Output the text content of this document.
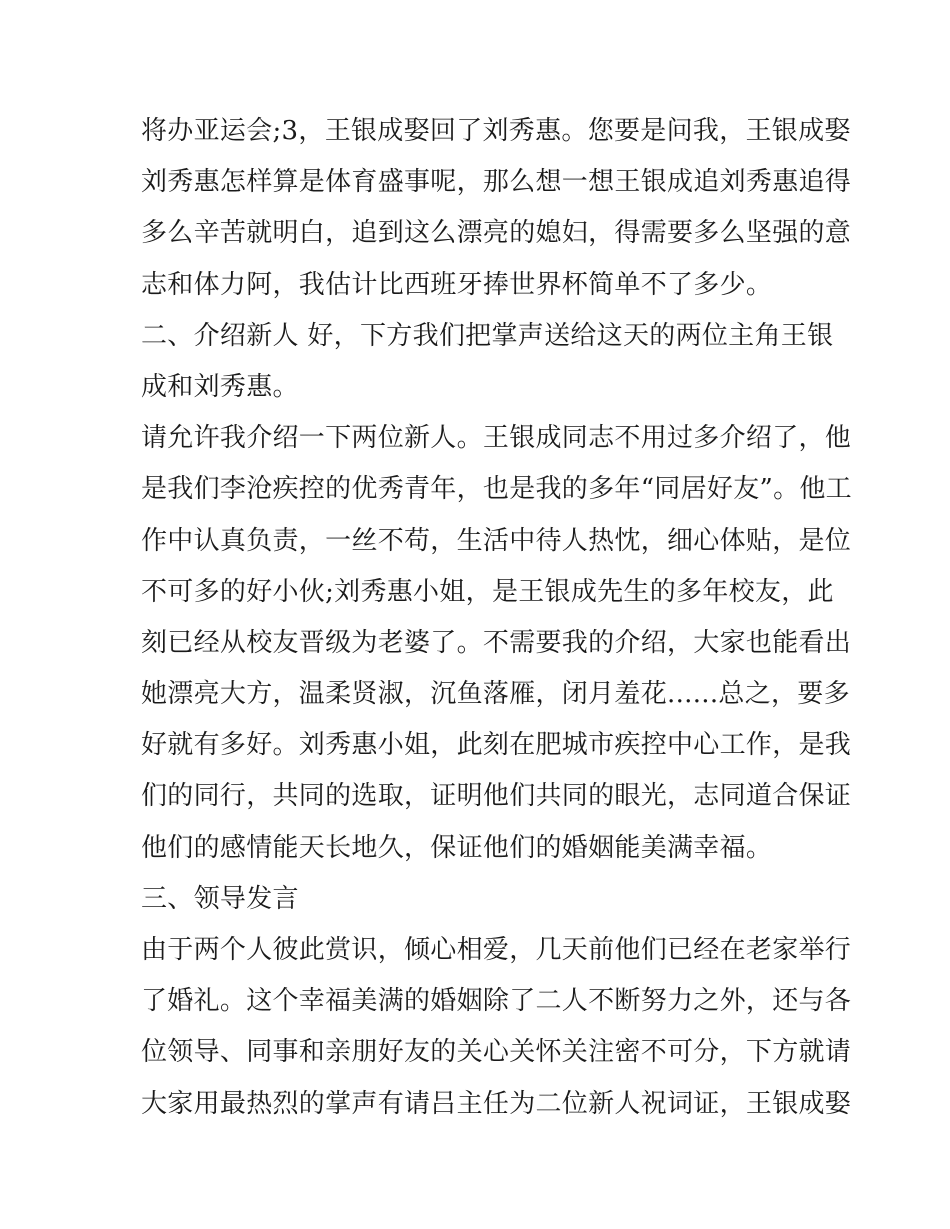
将办亚运会;3，王银成娶回了刘秀惠。您要是问我，王银成娶
刘秀惠怎样算是体育盛事呢，那么想一想王银成追刘秀惠追得
多么辛苦就明白，追到这么漂亮的媳妇，得需要多么坚强的意
志和体力阿，我估计比西班牙捧世界杯简单不了多少。
二、介绍新人 好，下方我们把掌声送给这天的两位主角王银
成和刘秀惠。
请允许我介绍一下两位新人。王银成同志不用过多介绍了，他
是我们李沧疾控的优秀青年，也是我的多年“同居好友”。他工
作中认真负责，一丝不苟，生活中待人热忱，细心体贴，是位
不可多的好小伙;刘秀惠小姐，是王银成先生的多年校友，此
刻已经从校友晋级为老婆了。不需要我的介绍，大家也能看出
她漂亮大方，温柔贤淑，沉鱼落雁，闭月羞花......总之，要多
好就有多好。刘秀惠小姐，此刻在肥城市疾控中心工作，是我
们的同行，共同的选取，证明他们共同的眼光，志同道合保证
他们的感情能天长地久，保证他们的婚姻能美满幸福。
三、领导发言
由于两个人彼此赏识，倾心相爱，几天前他们已经在老家举行
了婚礼。这个幸福美满的婚姻除了二人不断努力之外，还与各
位领导、同事和亲朋好友的关心关怀关注密不可分，下方就请
大家用最热烈的掌声有请吕主任为二位新人祝词证，王银成娶
